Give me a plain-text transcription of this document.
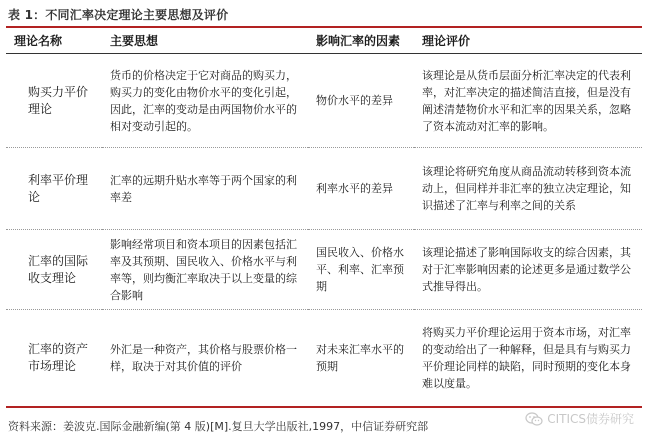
表 1：不同汇率决定理论主要思想及评价
理论名称	主要思想	影响汇率的因素	理论评价
购买力平价理论	货币的价格决定于它对商品的购买力，购买力的变化由物价水平的变化引起，因此，汇率的变动是由两国物价水平的相对变动引起的。	物价水平的差异	该理论是从货币层面分析汇率决定的代表利率，对汇率决定的描述简洁直接，但是没有阐述清楚物价水平和汇率的因果关系，忽略了资本流动对汇率的影响。
利率平价理论	汇率的远期升贴水率等于两个国家的利率差	利率水平的差异	该理论将研究角度从商品流动转移到资本流动上，但同样并非汇率的独立决定理论，知识描述了汇率与利率之间的关系
汇率的国际收支理论	影响经常项目和资本项目的因素包括汇率及其预期、国民收入、价格水平与利率等，则均衡汇率取决于以上变量的综合影响	国民收入、价格水平、利率、汇率预期	该理论描述了影响国际收支的综合因素，其对于汇率影响因素的论述更多是通过数学公式推导得出。
汇率的资产市场理论	外汇是一种资产，其价格与股票价格一样，取决于对其价值的评价	对未来汇率水平的预期	将购买力平价理论运用于资本市场，对汇率的变动给出了一种解释，但是具有与购买力平价理论同样的缺陷，同时预期的变化本身难以度量。
资料来源：姜波克.国际金融新编(第 4 版)[M].复旦大学出版社,1997，中信证券研究部
CITICS债券研究
